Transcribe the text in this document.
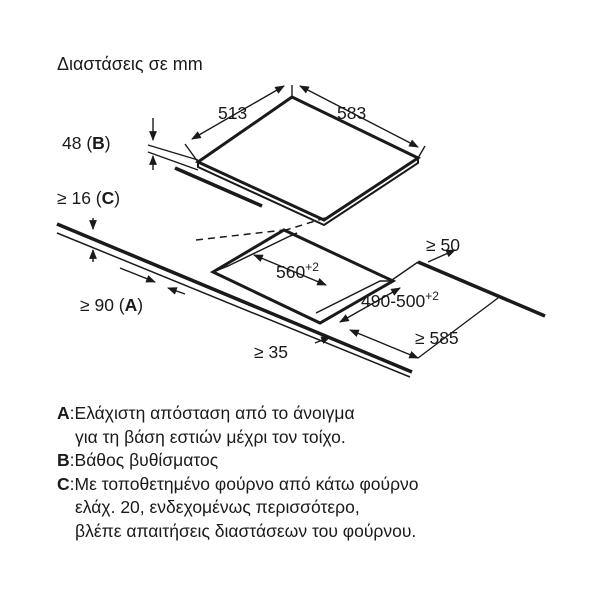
Διαστάσεις σε mm
513	583
48 (B)
≥ 16 (C)
$560^{+2}$
$490-500^{+2}$
≥ 50
≥ 90 (A)
≥ 585
≥ 35
A : Ελάχιστη απόσταση από το άνοιγμα
για τη βάση εστιών μέχρι τον τοίχο.
B : Βάθος βυθίσματος
C : Με τοποθετημένο φούρνο από κάτω φούρνο
ελάχ. 20, ενδεχομένως περισσότερο,
βλέπε απαιτήσεις διαστάσεων του φούρνου.
